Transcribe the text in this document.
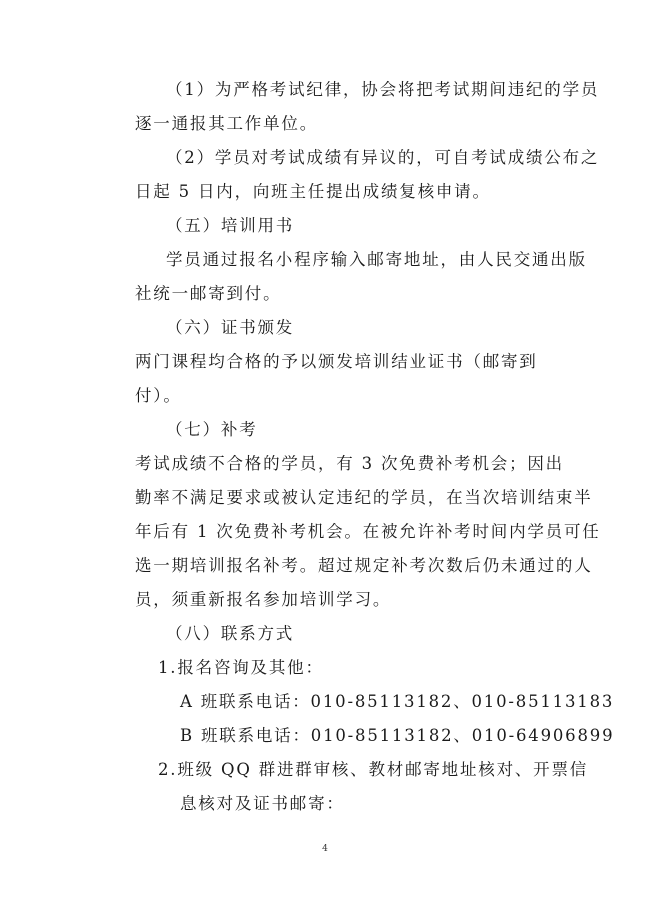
（1）为严格考试纪律，协会将把考试期间违纪的学员
逐一通报其工作单位。
（2）学员对考试成绩有异议的，可自考试成绩公布之
日起 5 日内，向班主任提出成绩复核申请。
（五）培训用书
学员通过报名小程序输入邮寄地址，由人民交通出版
社统一邮寄到付。
（六）证书颁发
两门课程均合格的予以颁发培训结业证书（邮寄到
付）。
（七）补考
考试成绩不合格的学员，有 3 次免费补考机会；因出
勤率不满足要求或被认定违纪的学员，在当次培训结束半
年后有 1 次免费补考机会。在被允许补考时间内学员可任
选一期培训报名补考。超过规定补考次数后仍未通过的人
员，须重新报名参加培训学习。
（八）联系方式
1.报名咨询及其他：
A 班联系电话：010-85113182、010-85113183
B 班联系电话：010-85113182、010-64906899
2.班级 QQ 群进群审核、教材邮寄地址核对、开票信
息核对及证书邮寄：
4
